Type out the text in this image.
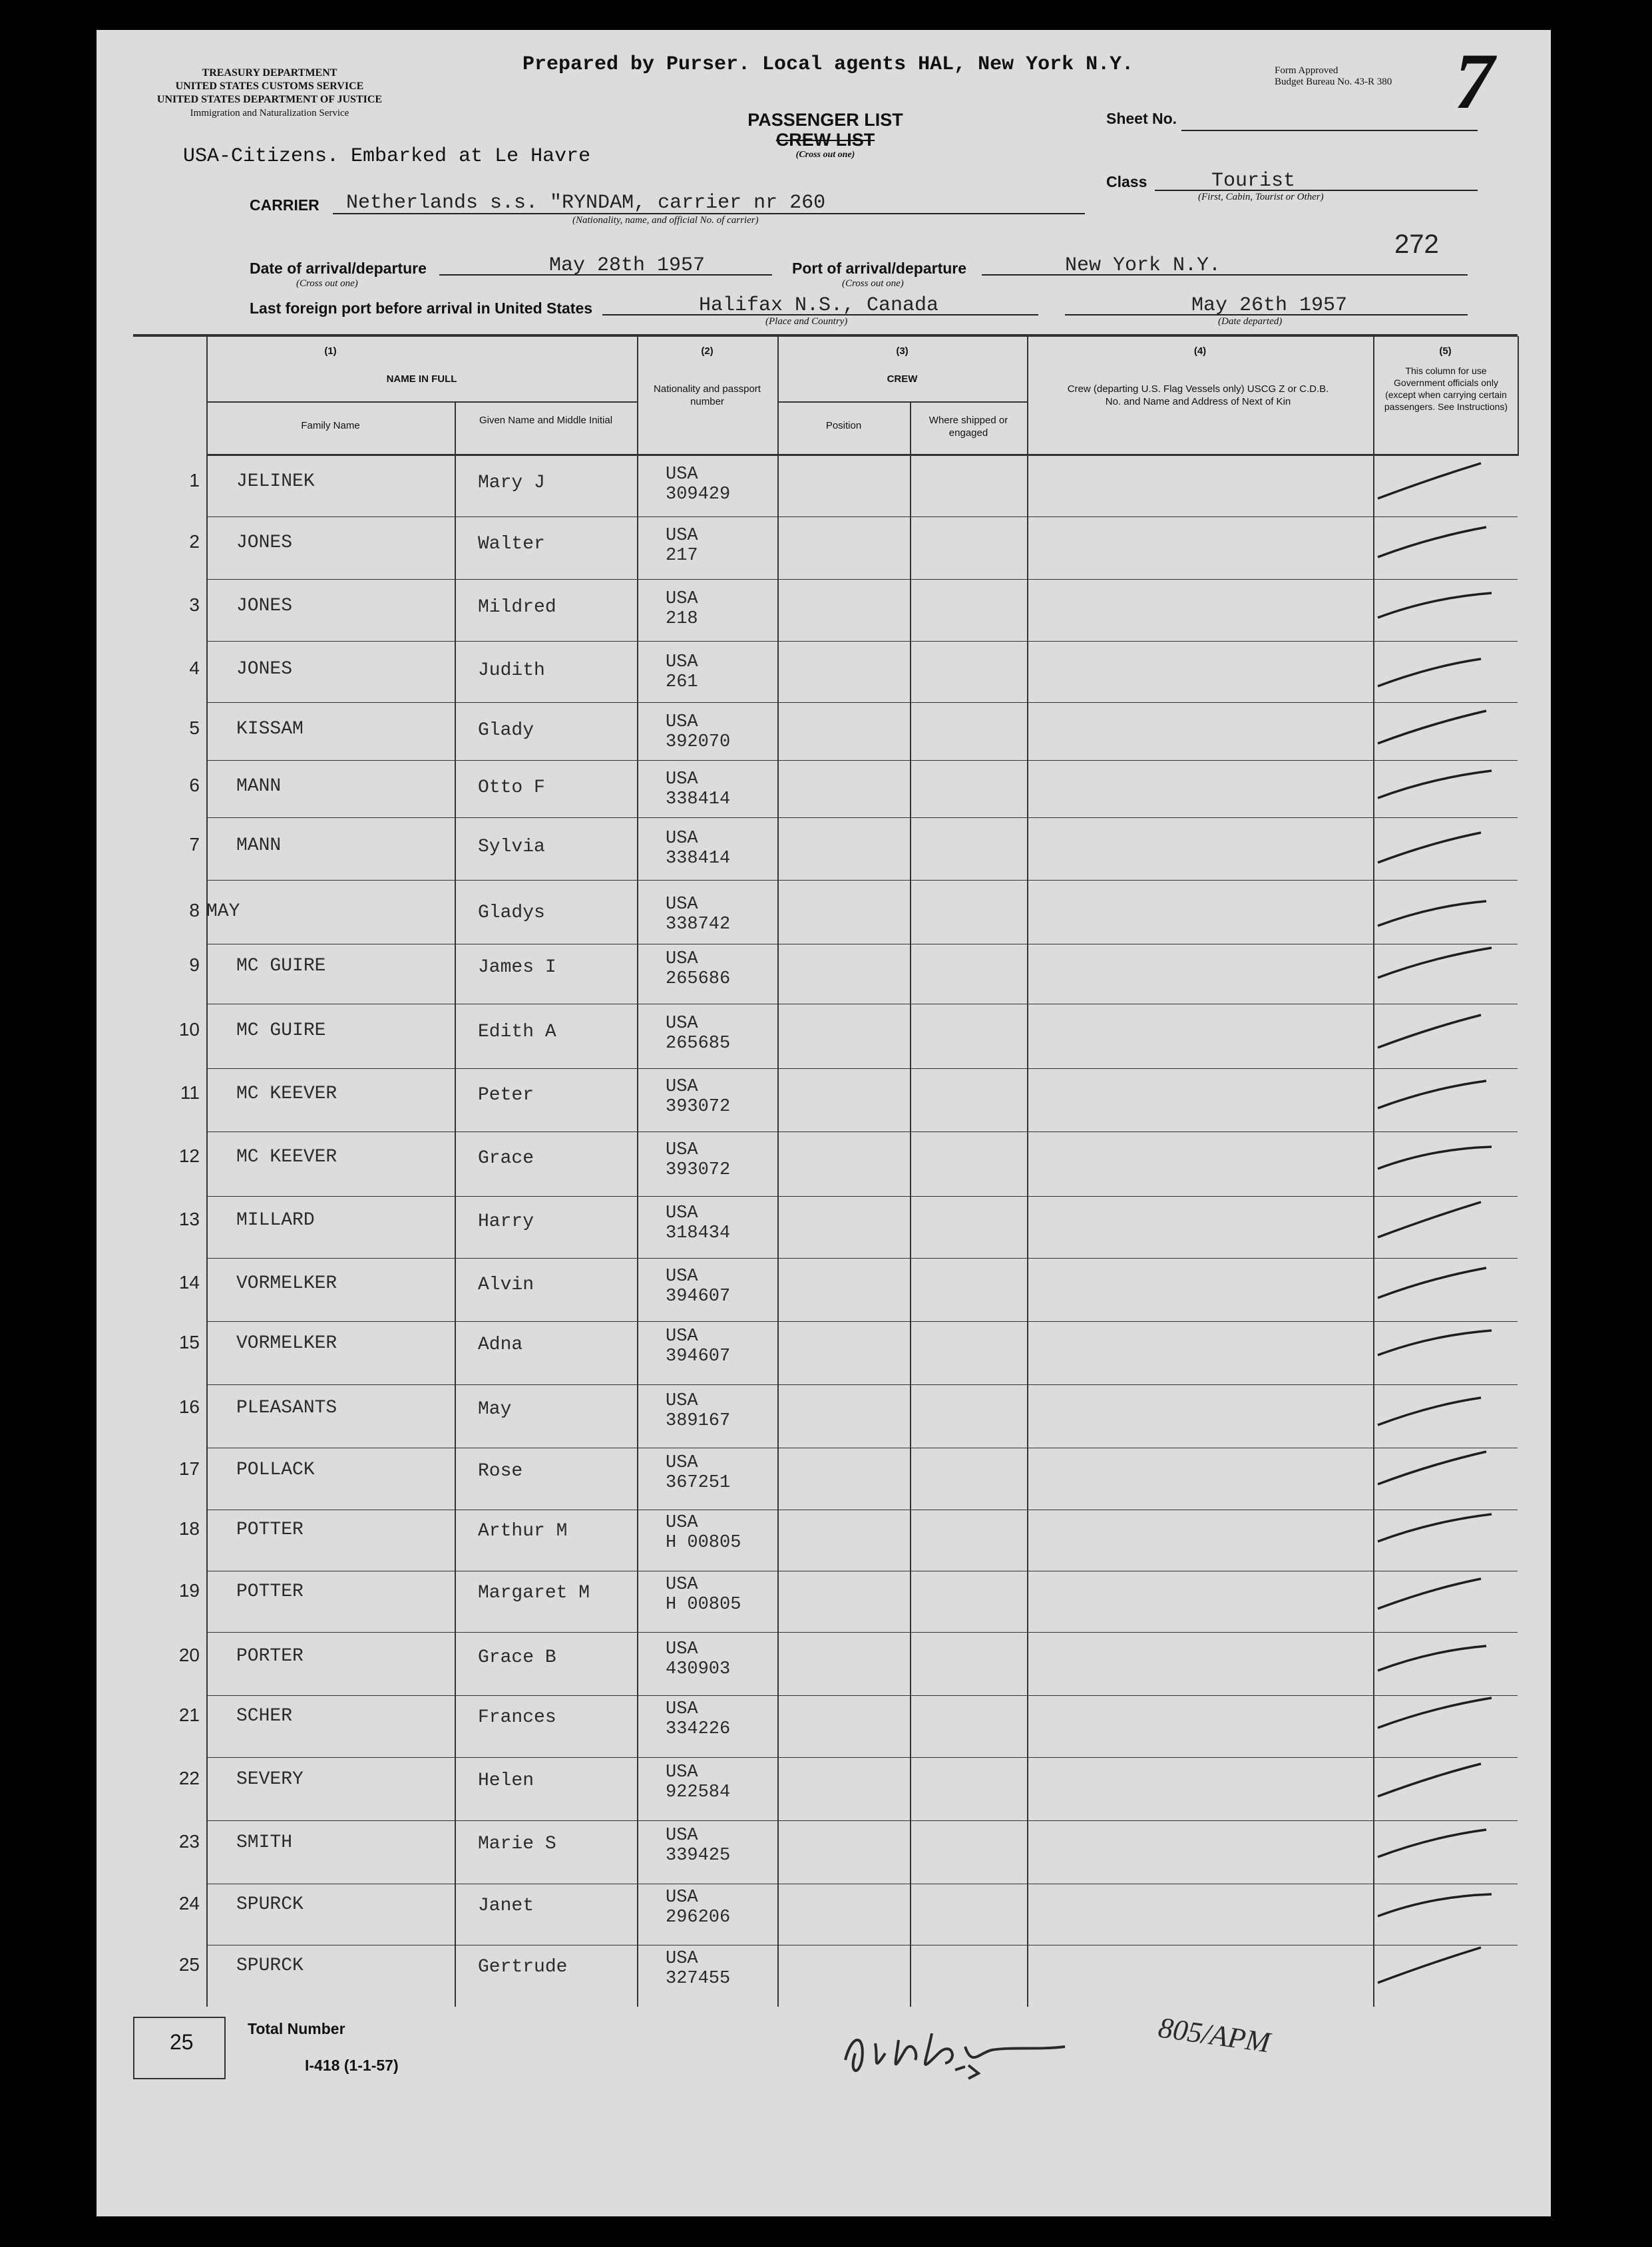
TREASURY DEPARTMENT
UNITED STATES CUSTOMS SERVICE
UNITED STATES DEPARTMENT OF JUSTICE
Immigration and Naturalization Service
Prepared by Purser. Local agents HAL, New York N.Y.	Form Approved
Budget Bureau No. 43-R 380 7
PASSENGER LIST
CREW LIST
(Cross out one)
Sheet No.
USA-Citizens. Embarked at Le Havre
Class	Tourist
(First, Cabin, Tourist or Other)
CARRIER Netherlands s.s. "RYNDAM, carrier nr 260
(Nationality, name, and official No. of carrier)
272
Date of arrival/departure
(Cross out one)
May 28th 1957	Port of arrival/departure
(Cross out one)
New York N.Y.
Last foreign port before arrival in United States	Halifax N.S., Canada
(Place and Country)
May 26th 1957
(Date departed)
(1)
NAME IN FULL
Family Name	Given Name and Middle Initial
(2)
Nationality and passport number
(3)
CREW
Position	Where shipped or engaged
(4)
Crew (departing U.S. Flag Vessels only) USCG Z or C.D.B. No. and Name and Address of Next of Kin
(5)
This column for use Government officials only (except when carrying certain passengers. See Instructions)
1 JELINEK	Mary J	USA
309429
2 JONES	Walter	USA
217
3 JONES	Mildred	USA
218
4 JONES	Judith	USA
261
5 KISSAM	Glady	USA
392070
6 MANN	Otto F	USA
338414
7 MANN	Sylvia	USA
338414
8 MAY	Gladys	USA
338742
9 MC GUIRE	James I	USA
265686
10 MC GUIRE	Edith A	USA
265685
11 MC KEEVER	Peter	USA
393072
12 MC KEEVER	Grace	USA
393072
13 MILLARD	Harry	USA
318434
14 VORMELKER	Alvin	USA
394607
15 VORMELKER	Adna	USA
394607
16 PLEASANTS	May	USA
389167
17 POLLACK	Rose	USA
367251
18 POTTER	Arthur M	USA
H 00805
19 POTTER	Margaret M	USA
H 00805
20 PORTER	Grace B	USA
430903
21 SCHER	Frances	USA
334226
22 SEVERY	Helen	USA
922584
23 SMITH	Marie S	USA
339425
24 SPURCK	Janet	USA
296206
25 SPURCK	Gertrude	USA
327455
25
Total Number
I-418 (1-1-57)
805/APM
